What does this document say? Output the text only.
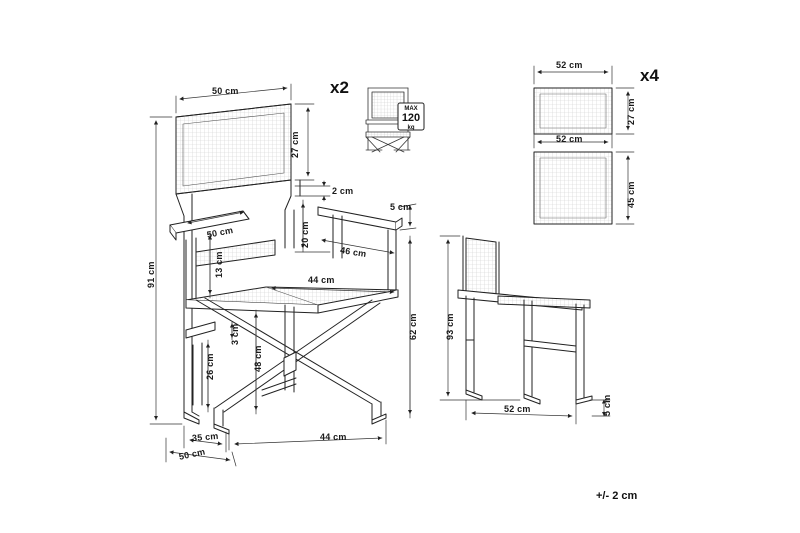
x2
x4
MAX
120
kg
50 cm
27 cm
2 cm
20 cm
5 cm
50 cm
46 cm
44 cm
91 cm	13 cm
3 cm
26 cm	48 cm
62 cm
50 cm
35 cm	44 cm
93 cm
52 cm	5 cm
52 cm
27 cm
52 cm
45 cm
+/- 2 cm
